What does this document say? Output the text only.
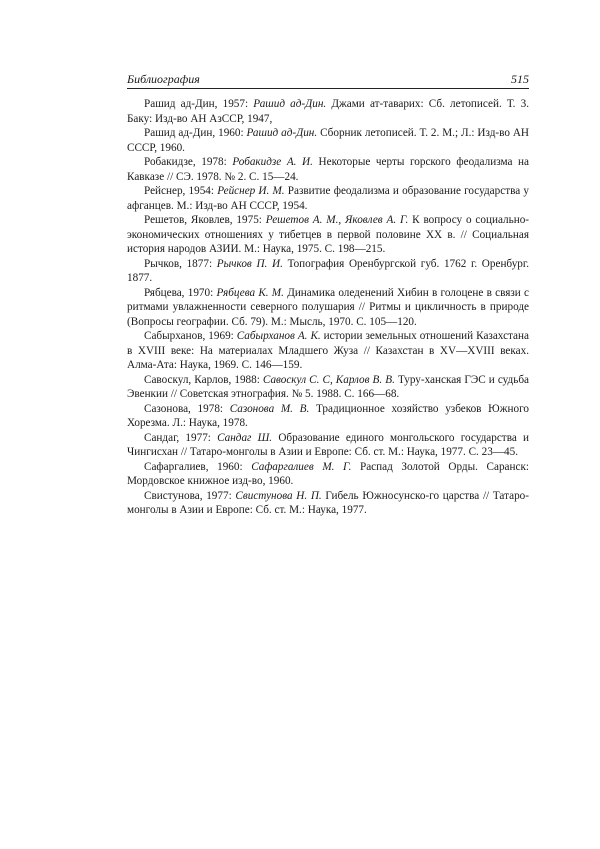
Библиография	515
Рашид ад-Дин, 1957: Рашид ад-Дин. Джами ат-таварих: Сб. летописей. Т. 3. Баку: Изд-во АН АзССР, 1947,
Рашид ад-Дин, 1960: Рашид ад-Дин. Сборник летописей. Т. 2. М.; Л.: Изд-во АН СССР, 1960.
Робакидзе, 1978: Робакидзе А. И. Некоторые черты горского феодализма на Кавказе // СЭ. 1978. № 2. С. 15—24.
Рейснер, 1954: Рейснер И. М. Развитие феодализма и образование государства у афганцев. М.: Изд-во АН СССР, 1954.
Решетов, Яковлев, 1975: Решетов А. М., Яковлев А. Г. К вопросу о социально-экономических отношениях у тибетцев в первой половине XX в. // Социальная история народов АЗИИ. М.: Наука, 1975. С. 198—215.
Рычков, 1877: Рычков П. И. Топография Оренбургской губ. 1762 г. Оренбург. 1877.
Рябцева, 1970: Рябцева К. М. Динамика оледенений Хибин в голоцене в связи с ритмами увлажненности северного полушария // Ритмы и цикличность в природе (Вопросы географии. Сб. 79). М.: Мысль, 1970. С. 105—120.
Сабырханов, 1969: Сабырханов А. К. истории земельных отношений Казахстана в XVIII веке: На материалах Младшего Жуза // Казахстан в XV—XVIII веках. Алма-Ата: Наука, 1969. С. 146—159.
Савоскул, Карлов, 1988: Савоскул С. С, Карлов В. В. Туру-ханская ГЭС и судьба Эвенкии // Советская этнография. № 5. 1988. С. 166—68.
Сазонова, 1978: Сазонова М. В. Традиционное хозяйство узбеков Южного Хорезма. Л.: Наука, 1978.
Сандаг, 1977: Сандаг Ш. Образование единого монгольского государства и Чингисхан // Татаро-монголы в Азии и Европе: Сб. ст. М.: Наука, 1977. С. 23—45.
Сафаргалиев, 1960: Сафаргалиев М. Г. Распад Золотой Орды. Саранск: Мордовское книжное изд-во, 1960.
Свистунова, 1977: Свистунова Н. П. Гибель Южносунско-го царства // Татаро-монголы в Азии и Европе: Сб. ст. М.: Наука, 1977.
